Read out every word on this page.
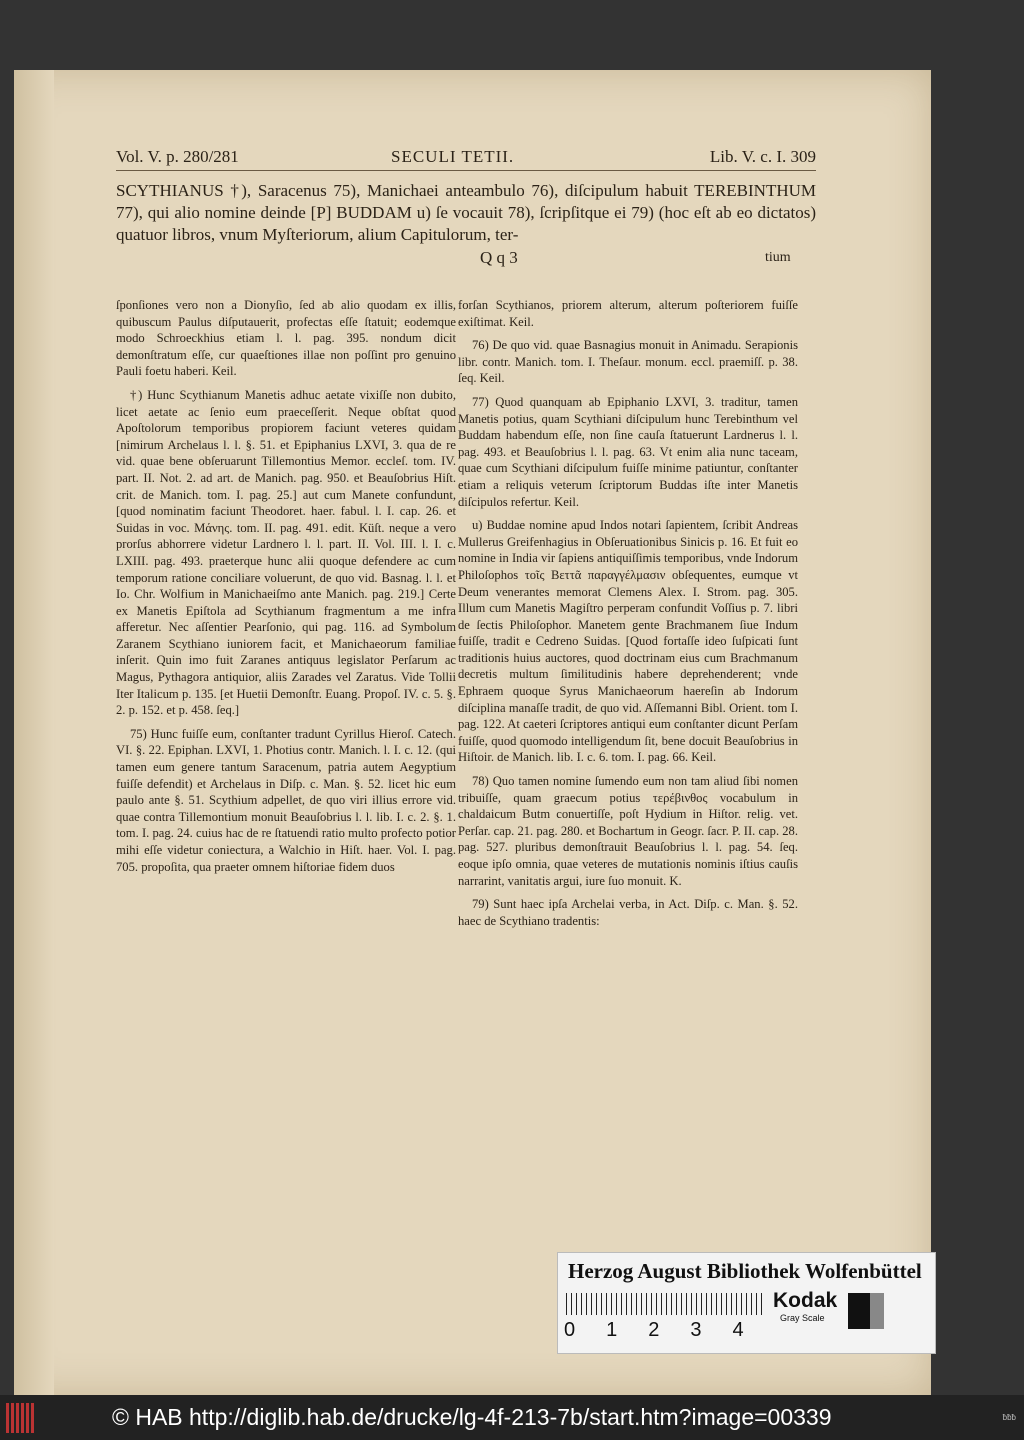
Vol. V. p. 280/281	SECULI TETII.	Lib. V. c. I. 309
SCYTHIANUS †), Saracenus 75), Manichaei anteambulo 76), diſcipulum habuit TEREBINTHUM 77), qui alio nomine deinde [P] BUDDAM u) ſe vocauit 78), ſcripſitque ei 79) (hoc eſt ab eo dictatos) quatuor libros, vnum Myſteriorum, alium Capitulorum, ter-
Q q 3	tium

ſponſiones vero non a Dionyſio, ſed ab alio quodam ex illis, quibuscum Paulus diſputauerit, profectas eſſe ſtatuit; eodemque modo Schroeckhius etiam l. l. pag. 395. nondum dicit demonſtratum eſſe, cur quaeſtiones illae non poſſint pro genuino Pauli foetu haberi. Keil.

†) Hunc Scythianum Manetis adhuc aetate vixiſſe non dubito, licet aetate ac ſenio eum praeceſſerit. Neque obſtat quod Apoſtolorum temporibus propiorem faciunt veteres quidam [nimirum Archelaus l. l. §. 51. et Epiphanius LXVI, 3. qua de re vid. quae bene obſeruarunt Tillemontius Memor. eccleſ. tom. IV. part. II. Not. 2. ad art. de Manich. pag. 950. et Beauſobrius Hiſt. crit. de Manich. tom. I. pag. 25.] aut cum Manete confundunt, [quod nominatim faciunt Theodoret. haer. fabul. l. I. cap. 26. et Suidas in voc. Μάνης. tom. II. pag. 491. edit. Küſt. neque a vero prorſus abhorrere videtur Lardnero l. l. part. II. Vol. III. l. I. c. LXIII. pag. 493. praeterque hunc alii quoque defendere ac cum temporum ratione conciliare voluerunt, de quo vid. Basnag. l. l. et Io. Chr. Wolfium in Manichaeiſmo ante Manich. pag. 219.] Certe ex Manetis Epiſtola ad Scythianum fragmentum a me infra afferetur. Nec aſſentier Pearſonio, qui pag. 116. ad Symbolum Zaranem Scythiano iuniorem facit, et Manichaeorum familiae inſerit. Quin imo fuit Zaranes antiquus legislator Perſarum ac Magus, Pythagora antiquior, aliis Zarades vel Zaratus. Vide Tollii Iter Italicum p. 135. [et Huetii Demonſtr. Euang. Propoſ. IV. c. 5. §. 2. p. 152. et p. 458. ſeq.]

75) Hunc fuiſſe eum, conſtanter tradunt Cyrillus Hieroſ. Catech. VI. §. 22. Epiphan. LXVI, 1. Photius contr. Manich. l. I. c. 12. (qui tamen eum genere tantum Saracenum, patria autem Aegyptium fuiſſe defendit) et Archelaus in Diſp. c. Man. §. 52. licet hic eum paulo ante §. 51. Scythium adpellet, de quo viri illius errore vid. quae contra Tillemontium monuit Beauſobrius l. l. lib. I. c. 2. §. 1. tom. I. pag. 24. cuius hac de re ſtatuendi ratio multo profecto potior mihi eſſe videtur coniectura, a Walchio in Hiſt. haer. Vol. I. pag. 705. propoſita, qua praeter omnem hiſtoriae fidem duos

forſan Scythianos, priorem alterum, alterum poſteriorem fuiſſe exiſtimat. Keil.

76) De quo vid. quae Basnagius monuit in Animadu. Serapionis libr. contr. Manich. tom. I. Theſaur. monum. eccl. praemiſſ. p. 38. ſeq. Keil.

77) Quod quanquam ab Epiphanio LXVI, 3. traditur, tamen Manetis potius, quam Scythiani diſcipulum hunc Terebinthum vel Buddam habendum eſſe, non ſine cauſa ſtatuerunt Lardnerus l. l. pag. 493. et Beauſobrius l. l. pag. 63. Vt enim alia nunc taceam, quae cum Scythiani diſcipulum fuiſſe minime patiuntur, conſtanter etiam a reliquis veterum ſcriptorum Buddas iſte inter Manetis diſcipulos refertur. Keil.

u) Buddae nomine apud Indos notari ſapientem, ſcribit Andreas Mullerus Greifenhagius in Obſeruationibus Sinicis p. 16. Et fuit eo nomine in India vir ſapiens antiquiſſimis temporibus, vnde Indorum Philoſophos τοῖς Βεττᾶ παραγγέλμασιν obſequentes, eumque vt Deum venerantes memorat Clemens Alex. I. Strom. pag. 305. Illum cum Manetis Magiſtro perperam confundit Voſſius p. 7. libri de ſectis Philoſophor. Manetem gente Brachmanem ſiue Indum fuiſſe, tradit e Cedreno Suidas. [Quod fortaſſe ideo ſuſpicati ſunt traditionis huius auctores, quod doctrinam eius cum Brachmanum decretis multum ſimilitudinis habere deprehenderent; vnde Ephraem quoque Syrus Manichaeorum haereſin ab Indorum diſciplina manaſſe tradit, de quo vid. Aſſemanni Bibl. Orient. tom I. pag. 122. At caeteri ſcriptores antiqui eum conſtanter dicunt Perſam fuiſſe, quod quomodo intelligendum ſit, bene docuit Beauſobrius in Hiſtoir. de Manich. lib. I. c. 6. tom. I. pag. 66. Keil.

78) Quo tamen nomine ſumendo eum non tam aliud ſibi nomen tribuiſſe, quam graecum potius τερέβινθος vocabulum in chaldaicum Butm conuertiſſe, poſt Hydium in Hiſtor. relig. vet. Perſar. cap. 21. pag. 280. et Bochartum in Geogr. ſacr. P. II. cap. 28. pag. 527. pluribus demonſtrauit Beauſobrius l. l. pag. 54. ſeq. eoque ipſo omnia, quae veteres de mutationis nominis iſtius cauſis narrarint, vanitatis argui, iure ſuo monuit. K.

79) Sunt haec ipſa Archelai verba, in Act. Diſp. c. Man. §. 52. haec de Scythiano tradentis:

Herzog August Bibliothek Wolfenbüttel
01234
Kodak
Gray Scale
© HAB http://diglib.hab.de/drucke/lg-4f-213-7b/start.htm?image=00339	ƀƀƀ
